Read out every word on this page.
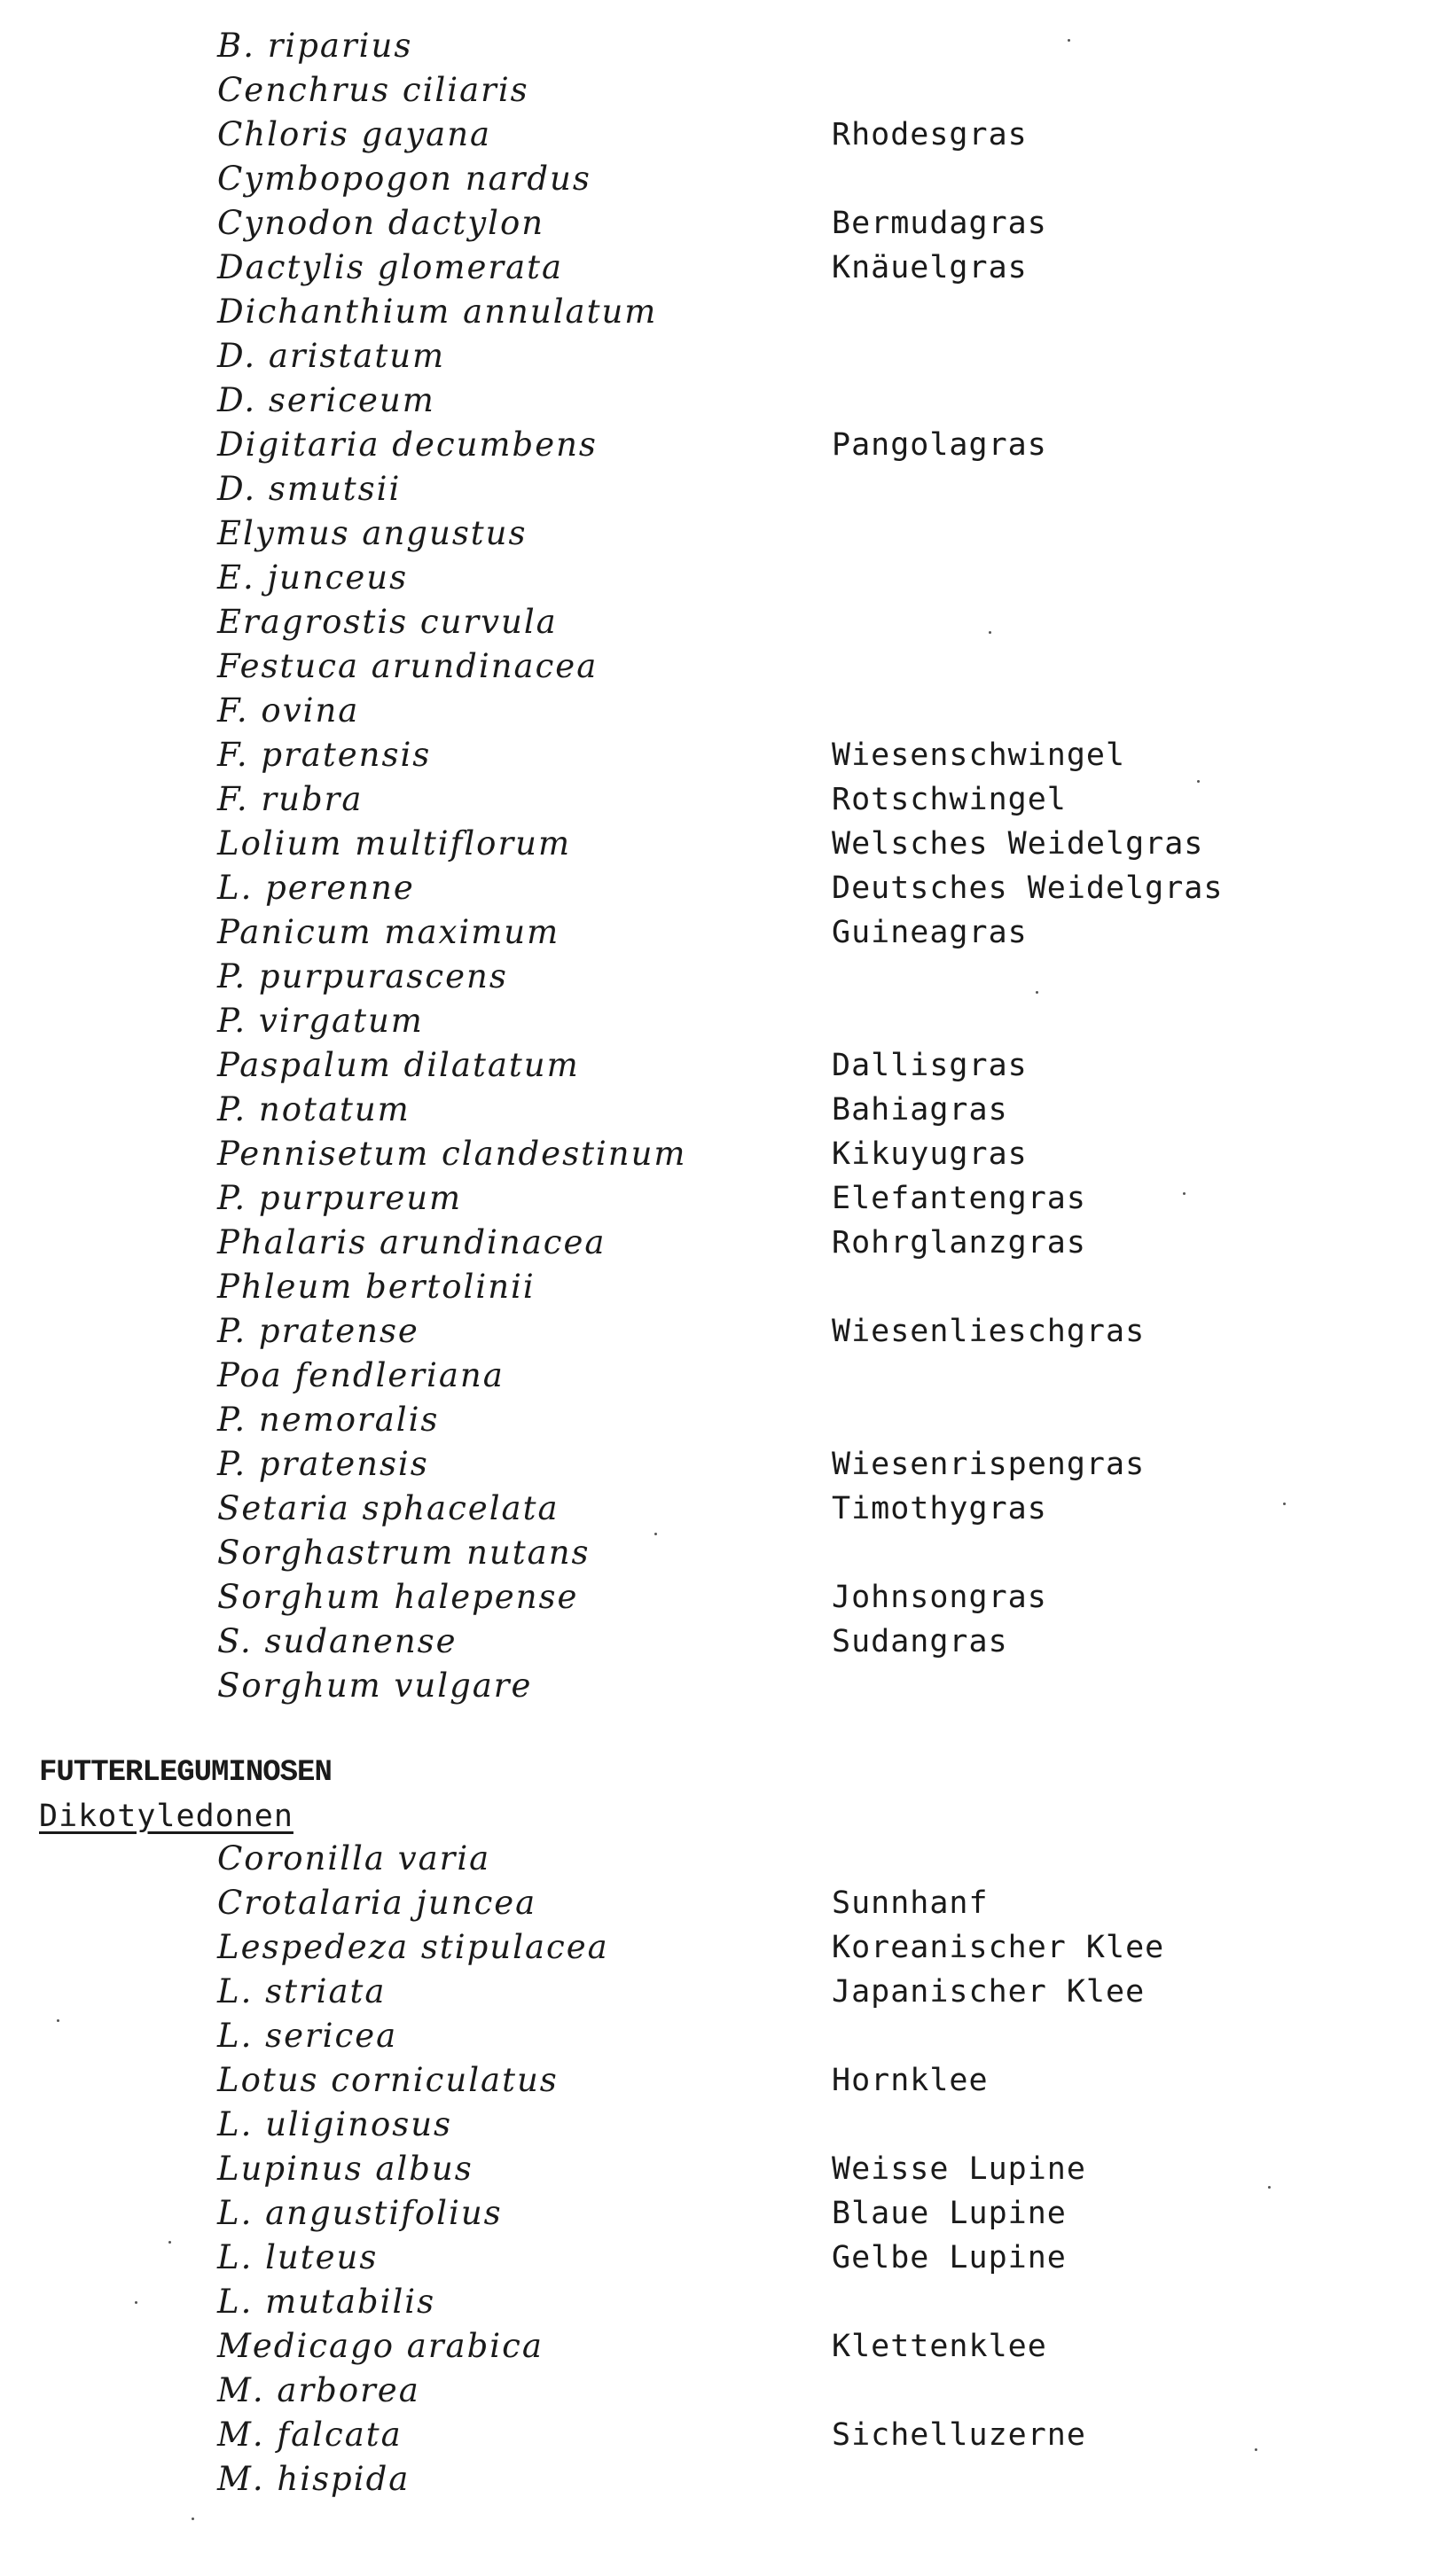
B. riparius
Cenchrus ciliaris
Chloris gayana	Rhodesgras
Cymbopogon nardus
Cynodon dactylon	Bermudagras
Dactylis glomerata	Knäuelgras
Dichanthium annulatum
D. aristatum
D. sericeum
Digitaria decumbens	Pangolagras
D. smutsii
Elymus angustus
E. junceus
Eragrostis curvula
Festuca arundinacea
F. ovina
F. pratensis	Wiesenschwingel
F. rubra	Rotschwingel
Lolium multiflorum	Welsches Weidelgras
L. perenne	Deutsches Weidelgras
Panicum maximum	Guineagras
P. purpurascens
P. virgatum
Paspalum dilatatum	Dallisgras
P. notatum	Bahiagras
Pennisetum clandestinum	Kikuyugras
P. purpureum	Elefantengras
Phalaris arundinacea	Rohrglanzgras
Phleum bertolinii
P. pratense	Wiesenlieschgras
Poa fendleriana
P. nemoralis
P. pratensis	Wiesenrispengras
Setaria sphacelata	Timothygras
Sorghastrum nutans
Sorghum halepense	Johnsongras
S. sudanense	Sudangras
Sorghum vulgare
FUTTERLEGUMINOSEN
Dikotyledonen
Coronilla varia
Crotalaria juncea	Sunnhanf
Lespedeza stipulacea	Koreanischer Klee
L. striata	Japanischer Klee
L. sericea
Lotus corniculatus	Hornklee
L. uliginosus
Lupinus albus	Weisse Lupine
L. angustifolius	Blaue Lupine
L. luteus	Gelbe Lupine
L. mutabilis
Medicago arabica	Klettenklee
M. arborea
M. falcata	Sichelluzerne
M. hispida
